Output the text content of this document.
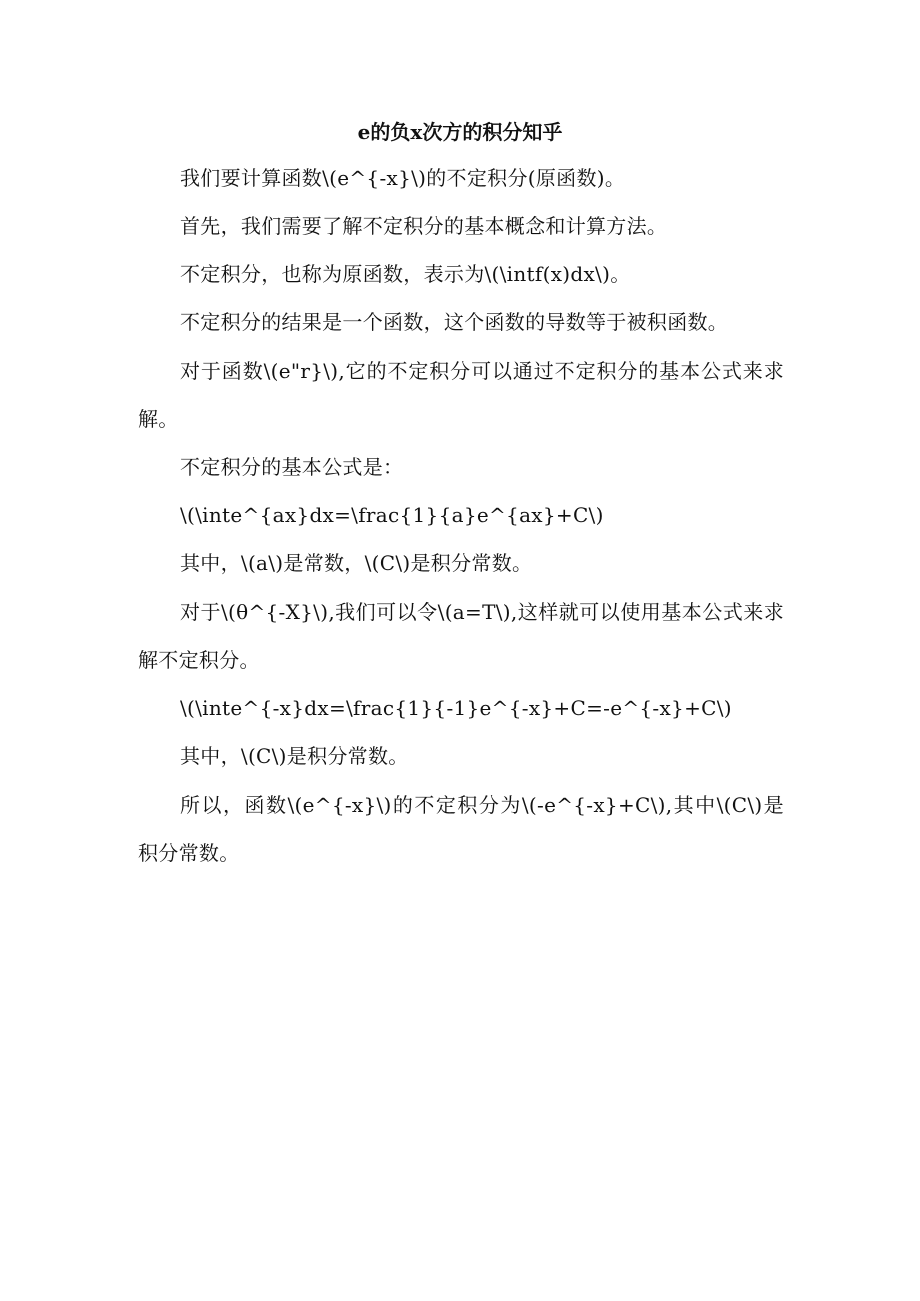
e的负x次方的积分知乎

我们要计算函数\(e^{-x}\)的不定积分(原函数)。

首先，我们需要了解不定积分的基本概念和计算方法。

不定积分，也称为原函数，表示为\(\intf(x)dx\)。

不定积分的结果是一个函数，这个函数的导数等于被积函数。

对于函数\(e"r}\),它的不定积分可以通过不定积分的基本公式来求解。

不定积分的基本公式是：

\(\inte^{ax}dx=\frac{1}{a}e^{ax}+C\)

其中，\(a\)是常数，\(C\)是积分常数。

对于\(θ^{-X}\),我们可以令\(a=T\),这样就可以使用基本公式来求解不定积分。

\(\inte^{-x}dx=\frac{1}{-1}e^{-x}+C=-e^{-x}+C\)

其中，\(C\)是积分常数。

所以，函数\(e^{-x}\)的不定积分为\(-e^{-x}+C\),其中\(C\)是积分常数。
